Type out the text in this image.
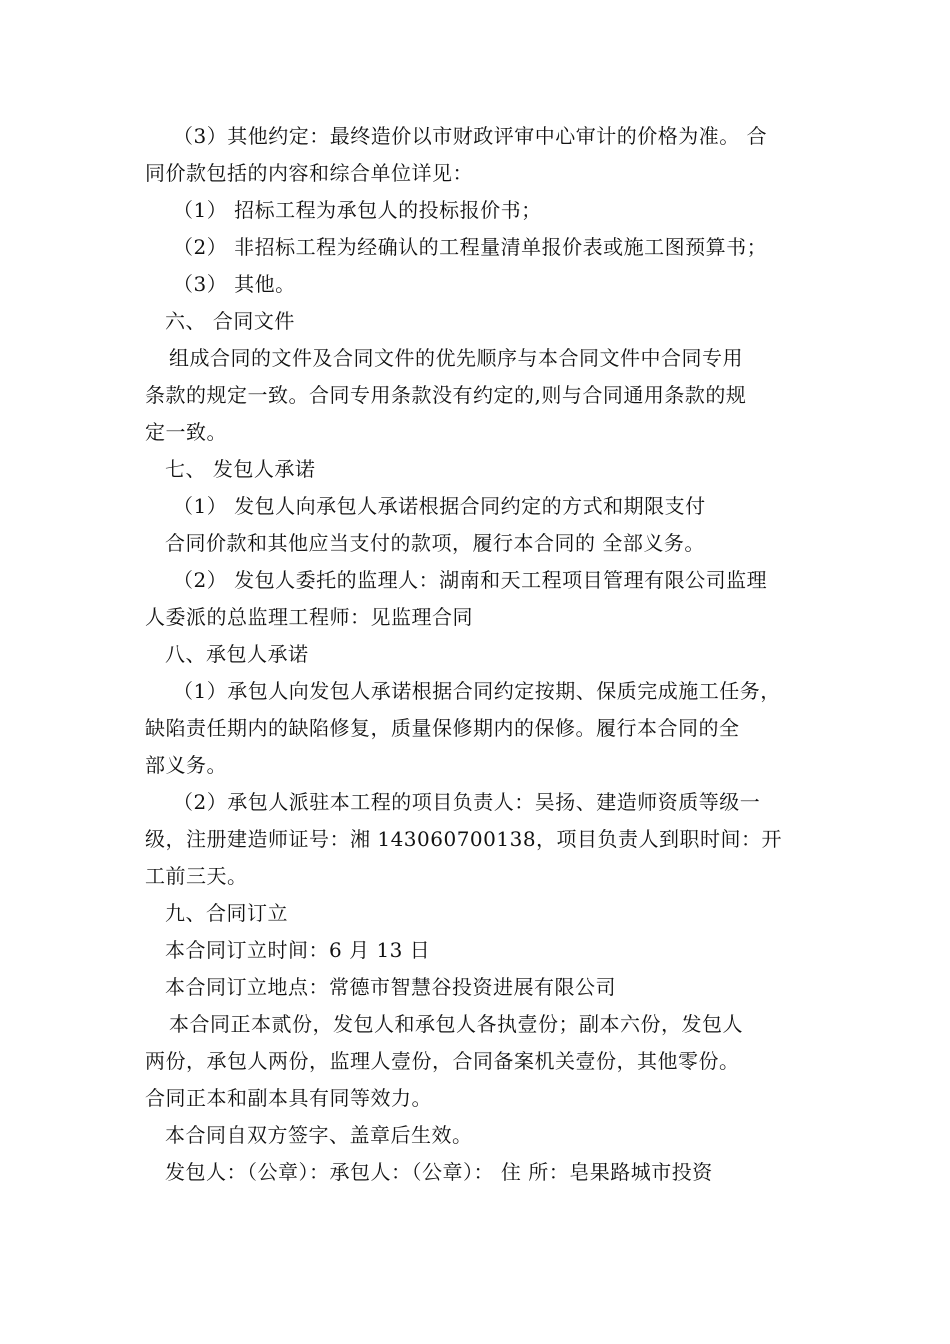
（3）其他约定：最终造价以市财政评审中心审计的价格为准。 合
同价款包括的内容和综合单位详见：
（1） 招标工程为承包人的投标报价书；
（2） 非招标工程为经确认的工程量清单报价表或施工图预算书；
（3） 其他。
六、 合同文件
组成合同的文件及合同文件的优先顺序与本合同文件中合同专用
条款的规定一致。合同专用条款没有约定的,则与合同通用条款的规
定一致。
七、 发包人承诺
（1） 发包人向承包人承诺根据合同约定的方式和期限支付
合同价款和其他应当支付的款项，履行本合同的 全部义务。
（2） 发包人委托的监理人：湖南和天工程项目管理有限公司监理
人委派的总监理工程师：见监理合同
八、承包人承诺
（1）承包人向发包人承诺根据合同约定按期、保质完成施工任务，
缺陷责任期内的缺陷修复，质量保修期内的保修。履行本合同的全
部义务。
（2）承包人派驻本工程的项目负责人：吴扬、建造师资质等级一
级，注册建造师证号：湘 143060700138，项目负责人到职时间：开
工前三天。
九、合同订立
本合同订立时间：6 月 13 日
本合同订立地点：常德市智慧谷投资进展有限公司
本合同正本贰份，发包人和承包人各执壹份；副本六份，发包人
两份，承包人两份，监理人壹份，合同备案机关壹份，其他零份。
合同正本和副本具有同等效力。
本合同自双方签字、盖章后生效。
发包人：（公章）：承包人：（公章）： 住 所：皂果路城市投资
